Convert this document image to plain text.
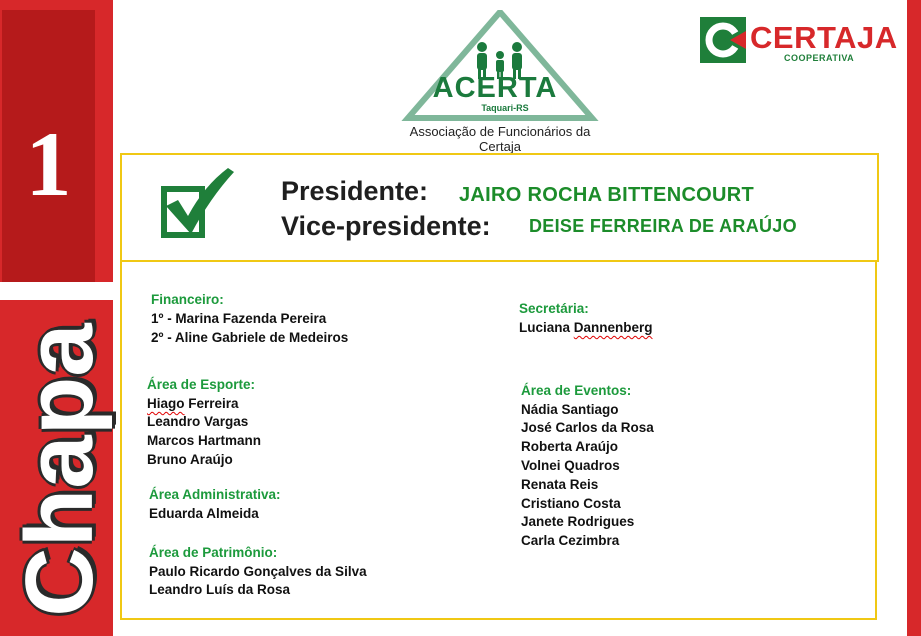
1
Chapa
ACERTA
Taquari-RS
Associação de Funcionários da Certaja
CERTAJA
COOPERATIVA
Presidente: JAIRO ROCHA BITTENCOURT
Vice-presidente: DEISE FERREIRA DE ARAÚJO
Financeiro:
1º - Marina Fazenda Pereira
2º - Aline Gabriele de Medeiros
Área de Esporte:
Hiago Ferreira
Leandro Vargas
Marcos Hartmann
Bruno Araújo
Área Administrativa:
Eduarda Almeida
Área de Patrimônio:
Paulo Ricardo Gonçalves da Silva
Leandro Luís da Rosa
Secretária:
Luciana Dannenberg
Área de Eventos:
Nádia Santiago
José Carlos da Rosa
Roberta Araújo
Volnei Quadros
Renata Reis
Cristiano Costa
Janete Rodrigues
Carla Cezimbra
